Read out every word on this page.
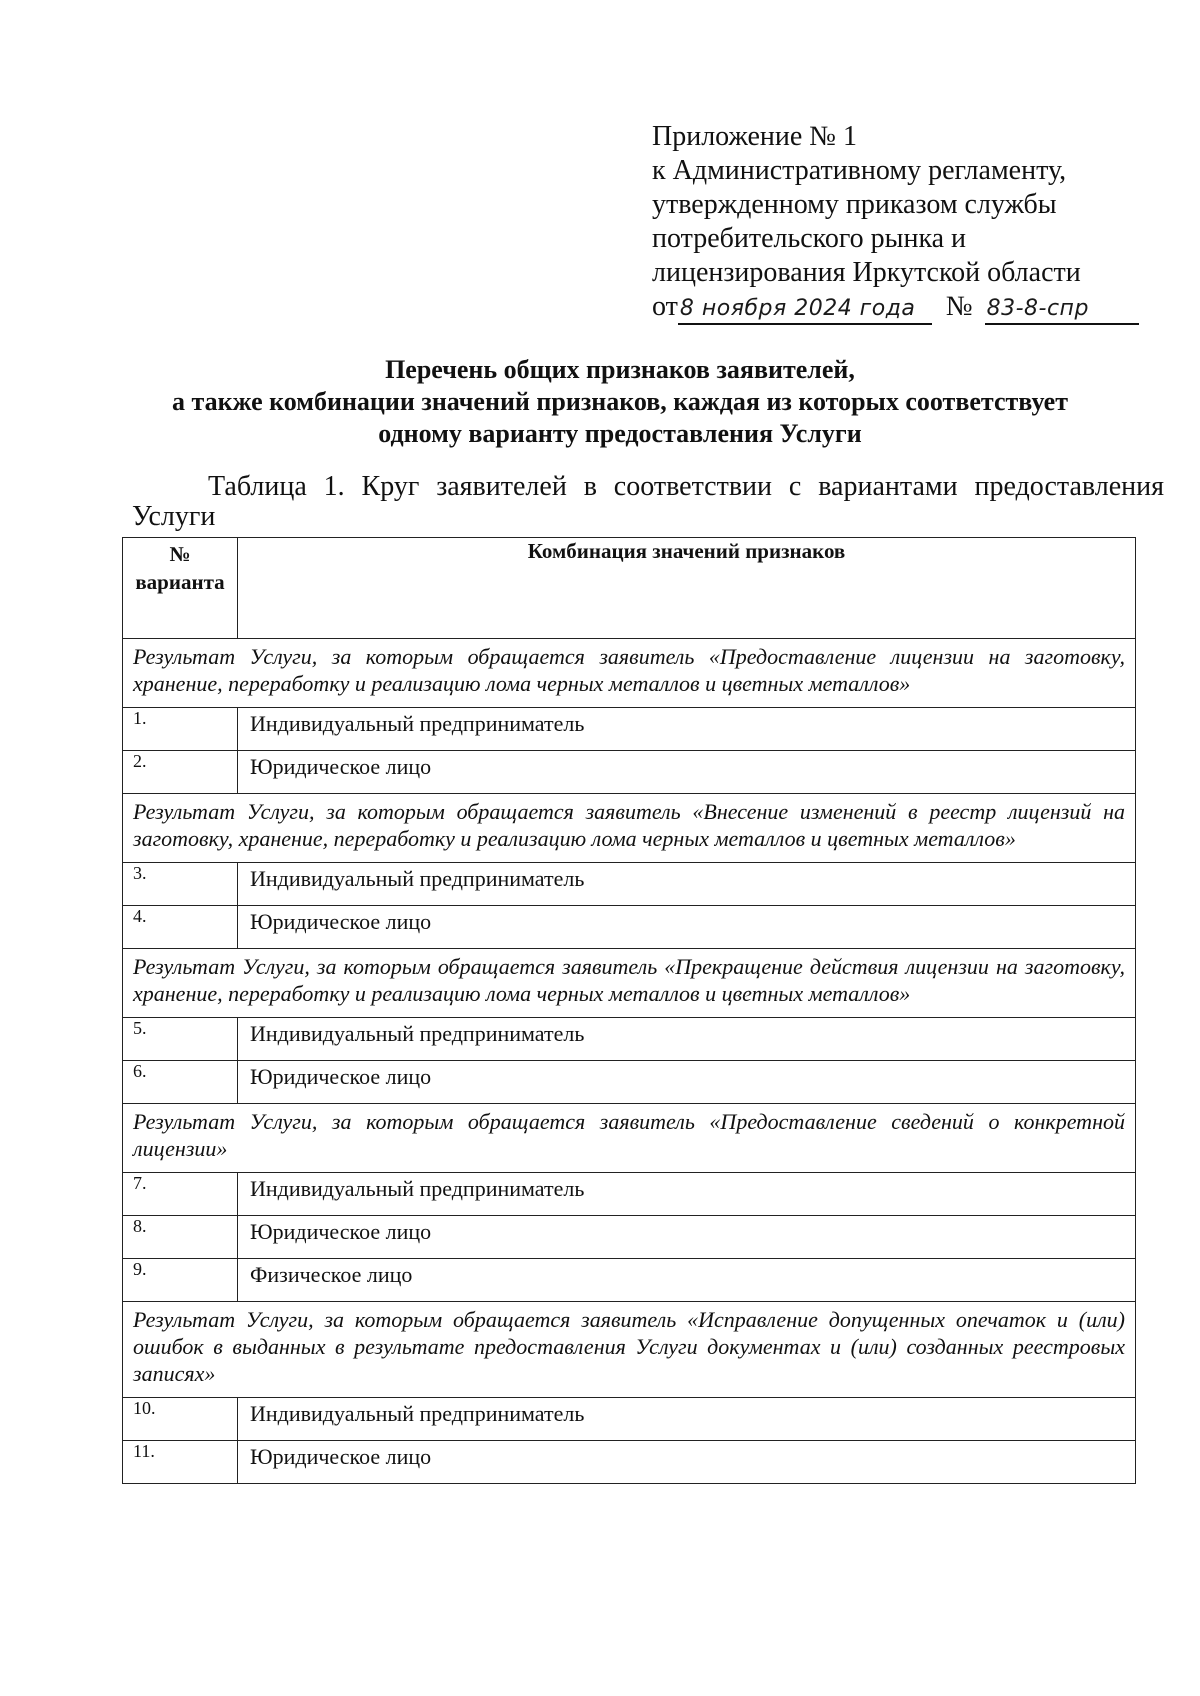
Приложение № 1
к Административному регламенту,
утвержденному приказом службы
потребительского рынка и
лицензирования Иркутской области
от8 ноября 2024 года № 83-8-спр
Перечень общих признаков заявителей,
а также комбинации значений признаков, каждая из которых соответствует
одному варианту предоставления Услуги
Таблица 1. Круг заявителей в соответствии с вариантами предоставления Услуги
№ варианта	Комбинация значений признаков
Результат Услуги, за которым обращается заявитель «Предоставление лицензии на заготовку, хранение, переработку и реализацию лома черных металлов и цветных металлов»	
1.	Индивидуальный предприниматель
2.	Юридическое лицо
Результат Услуги, за которым обращается заявитель «Внесение изменений в реестр лицензий на заготовку, хранение, переработку и реализацию лома черных металлов и цветных металлов»	
3.	Индивидуальный предприниматель
4.	Юридическое лицо
Результат Услуги, за которым обращается заявитель «Прекращение действия лицензии на заготовку, хранение, переработку и реализацию лома черных металлов и цветных металлов»	
5.	Индивидуальный предприниматель
6.	Юридическое лицо
Результат Услуги, за которым обращается заявитель «Предоставление сведений о конкретной лицензии»	
7.	Индивидуальный предприниматель
8.	Юридическое лицо
9.	Физическое лицо
Результат Услуги, за которым обращается заявитель «Исправление допущенных опечаток и (или) ошибок в выданных в результате предоставления Услуги документах и (или) созданных реестровых записях»	
10.	Индивидуальный предприниматель
11.	Юридическое лицо
